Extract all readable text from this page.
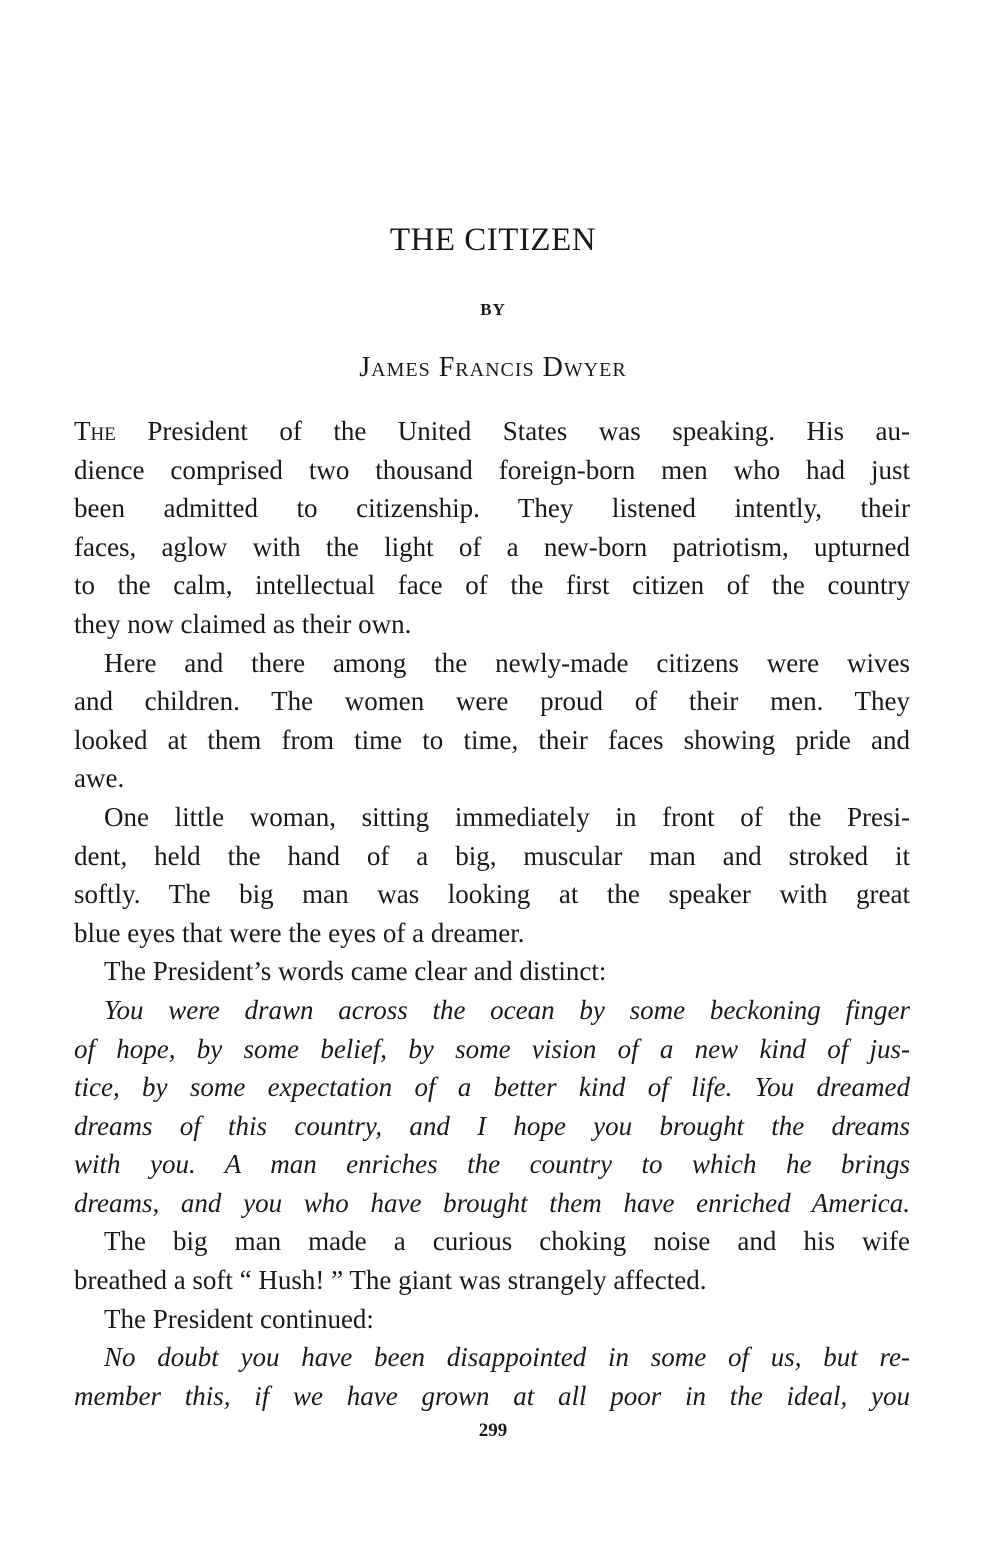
THE CITIZEN
BY
James Francis Dwyer
The President of the United States was speaking. His au-
dience comprised two thousand foreign-born men who had just
been admitted to citizenship. They listened intently, their
faces, aglow with the light of a new-born patriotism, upturned
to the calm, intellectual face of the first citizen of the country
they now claimed as their own.
Here and there among the newly-made citizens were wives
and children. The women were proud of their men. They
looked at them from time to time, their faces showing pride and
awe.
One little woman, sitting immediately in front of the Presi-
dent, held the hand of a big, muscular man and stroked it
softly. The big man was looking at the speaker with great
blue eyes that were the eyes of a dreamer.
The President’s words came clear and distinct:
You were drawn across the ocean by some beckoning finger
of hope, by some belief, by some vision of a new kind of jus-
tice, by some expectation of a better kind of life. You dreamed
dreams of this country, and I hope you brought the dreams
with you. A man enriches the country to which he brings
dreams, and you who have brought them have enriched America.
The big man made a curious choking noise and his wife
breathed a soft “ Hush! ” The giant was strangely affected.
The President continued:
No doubt you have been disappointed in some of us, but re-
member this, if we have grown at all poor in the ideal, you
299
